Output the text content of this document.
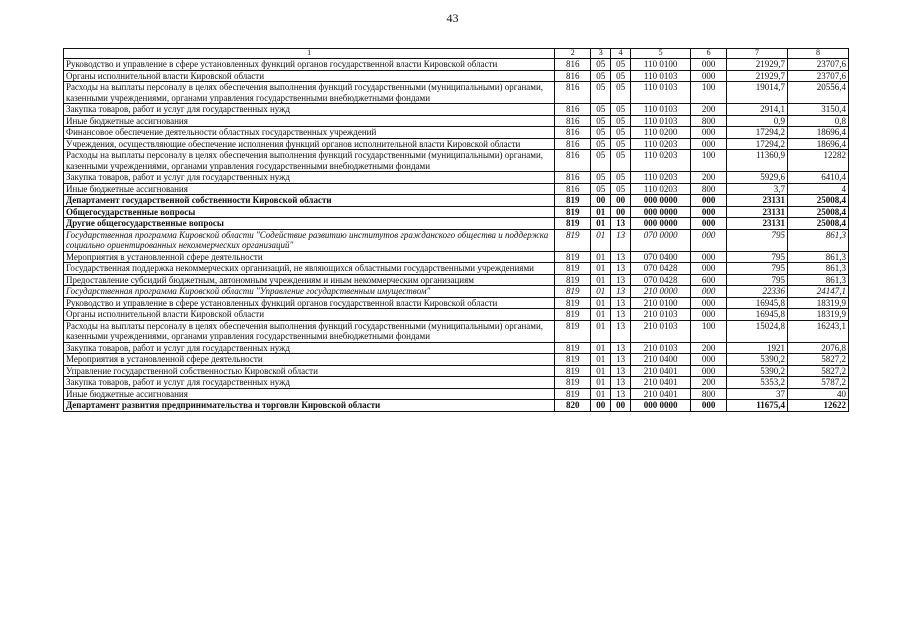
43
1	2	3	4	5	6	7	8
Руководство и управление в сфере установленных функций органов государственной власти Кировской области	816	05	05	110 0100	000	21929,7	23707,6
Органы исполнительной власти Кировской области	816	05	05	110 0103	000	21929,7	23707,6
Расходы на выплаты персоналу в целях обеспечения выполнения функций государственными (муниципальными) органами, казенными учреждениями, органами управления государственными внебюджетными фондами	816	05	05	110 0103	100	19014,7	20556,4
Закупка товаров, работ и услуг для государственных нужд	816	05	05	110 0103	200	2914,1	3150,4
Иные бюджетные ассигнования	816	05	05	110 0103	800	0,9	0,8
Финансовое обеспечение деятельности областных государственных учреждений	816	05	05	110 0200	000	17294,2	18696,4
Учреждения, осуществляющие обеспечение исполнения функций органов исполнительной власти Кировской области	816	05	05	110 0203	000	17294,2	18696,4
Расходы на выплаты персоналу в целях обеспечения выполнения функций государственными (муниципальными) органами, казенными учреждениями, органами управления государственными внебюджетными фондами	816	05	05	110 0203	100	11360,9	12282
Закупка товаров, работ и услуг для государственных нужд	816	05	05	110 0203	200	5929,6	6410,4
Иные бюджетные ассигнования	816	05	05	110 0203	800	3,7	4
Департамент государственной собственности Кировской области	819	00	00	000 0000	000	23131	25008,4
Общегосударственные вопросы	819	01	00	000 0000	000	23131	25008,4
Другие общегосударственные вопросы	819	01	13	000 0000	000	23131	25008,4
Государственная программа Кировской области "Содействие развитию институтов гражданского общества и поддержка социально ориентированных некоммерческих организаций"	819	01	13	070 0000	000	795	861,3
Мероприятия в установленной сфере деятельности	819	01	13	070 0400	000	795	861,3
Государственная поддержка некоммерческих организаций, не являющихся областными государственными учреждениями	819	01	13	070 0428	000	795	861,3
Предоставление субсидий бюджетным, автономным учреждениям и иным некоммерческим организациям	819	01	13	070 0428	600	795	861,3
Государственная программа Кировской области "Управление государственным имуществом"	819	01	13	210 0000	000	22336	24147,1
Руководство и управление в сфере установленных функций органов государственной власти Кировской области	819	01	13	210 0100	000	16945,8	18319,9
Органы исполнительной власти Кировской области	819	01	13	210 0103	000	16945,8	18319,9
Расходы на выплаты персоналу в целях обеспечения выполнения функций государственными (муниципальными) органами, казенными учреждениями, органами управления государственными внебюджетными фондами	819	01	13	210 0103	100	15024,8	16243,1
Закупка товаров, работ и услуг для государственных нужд	819	01	13	210 0103	200	1921	2076,8
Мероприятия в установленной сфере деятельности	819	01	13	210 0400	000	5390,2	5827,2
Управление государственной собственностью Кировской области	819	01	13	210 0401	000	5390,2	5827,2
Закупка товаров, работ и услуг для государственных нужд	819	01	13	210 0401	200	5353,2	5787,2
Иные бюджетные ассигнования	819	01	13	210 0401	800	37	40
Департамент развития предпринимательства и торговли Кировской области	820	00	00	000 0000	000	11675,4	12622
